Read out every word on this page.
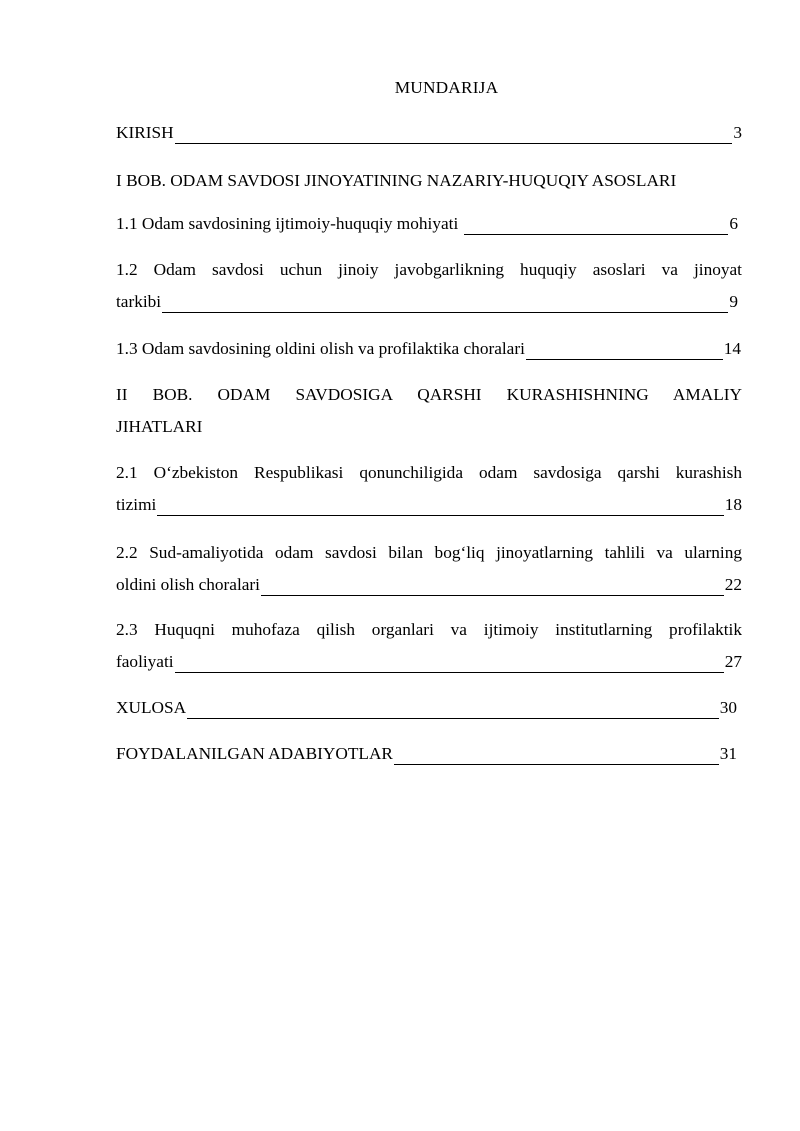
MUNDARIJA
KIRISH	3
I BOB. ODAM SAVDOSI JINOYATINING NAZARIY-HUQUQIY ASOSLARI
1.1 Odam savdosining ijtimoiy-huquqiy mohiyati	6
1.2 Odam savdosi uchun jinoiy javobgarlikning huquqiy asoslari va jinoyat
tarkibi	9
1.3 Odam savdosining oldini olish va profilaktika choralari	14
II BOB. ODAM SAVDOSIGA QARSHI KURASHISHNING AMALIY
JIHATLARI
2.1 O‘zbekiston Respublikasi qonunchiligida odam savdosiga qarshi kurashish
tizimi	18
2.2 Sud-amaliyotida odam savdosi bilan bog‘liq jinoyatlarning tahlili va ularning
oldini olish choralari	22
2.3 Huquqni muhofaza qilish organlari va ijtimoiy institutlarning profilaktik
faoliyati	27
XULOSA	30
FOYDALANILGAN ADABIYOTLAR	31
